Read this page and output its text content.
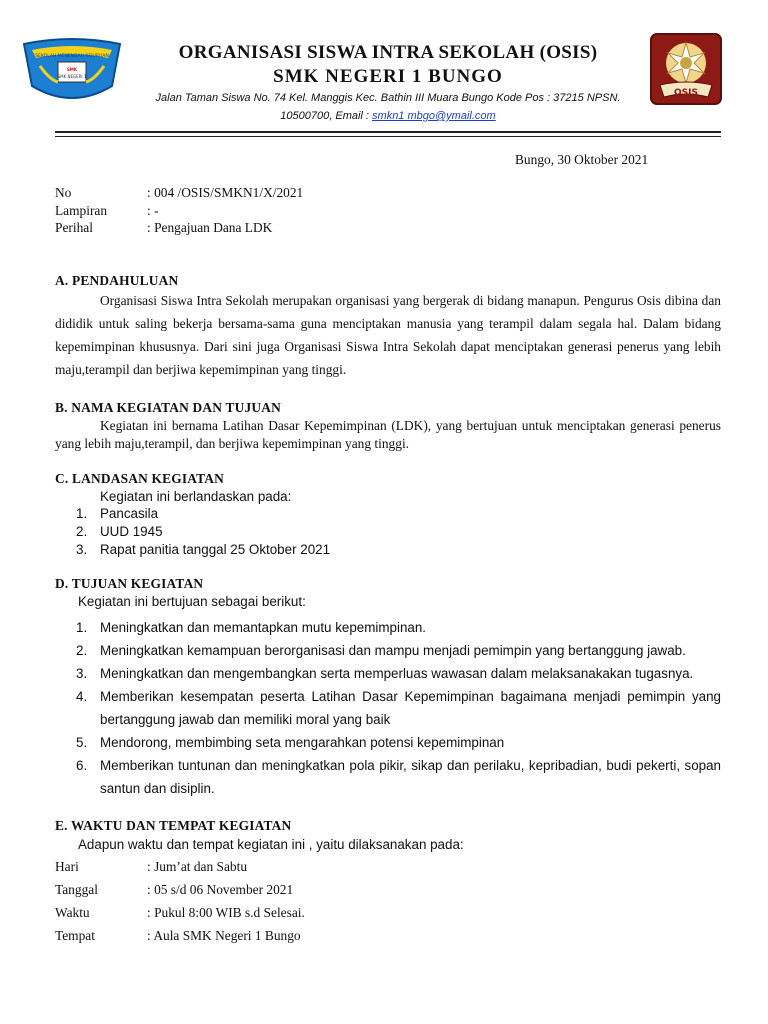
SEKOLAH MENENGAH KEJURUAN
SMK
SMK NEGERI 1
OSIS
ORGANISASI SISWA INTRA SEKOLAH (OSIS)
SMK NEGERI 1 BUNGO
Jalan Taman Siswa No. 74 Kel. Manggis Kec. Bathin III Muara Bungo Kode Pos : 37215 NPSN.
10500700, Email : smkn1 mbgo@ymail.com
Bungo, 30 Oktober 2021
No	: 004 /OSIS/SMKN1/X/2021
Lampiran	: -
Perihal	: Pengajuan Dana LDK
A. PENDAHULUAN
Organisasi Siswa Intra Sekolah merupakan organisasi yang bergerak di bidang manapun. Pengurus Osis dibina dan dididik untuk saling bekerja bersama-sama guna menciptakan manusia yang terampil dalam segala hal. Dalam bidang kepemimpinan khususnya. Dari sini juga Organisasi Siswa Intra Sekolah dapat menciptakan generasi penerus yang lebih maju,terampil dan berjiwa kepemimpinan yang tinggi.
B. NAMA KEGIATAN DAN TUJUAN
Kegiatan ini bernama Latihan Dasar Kepemimpinan (LDK), yang bertujuan untuk menciptakan generasi penerus yang lebih maju,terampil, dan berjiwa kepemimpinan yang tinggi.
C. LANDASAN KEGIATAN
Kegiatan ini berlandaskan pada:
1. Pancasila
2. UUD 1945
3. Rapat panitia tanggal 25 Oktober 2021
D. TUJUAN KEGIATAN
Kegiatan ini bertujuan sebagai berikut:
1. Meningkatkan dan memantapkan mutu kepemimpinan.
2. Meningkatkan kemampuan berorganisasi dan mampu menjadi pemimpin yang bertanggung jawab.
3. Meningkatkan dan mengembangkan serta memperluas wawasan dalam melaksanakakan tugasnya.
4. Memberikan kesempatan peserta Latihan Dasar Kepemimpinan bagaimana menjadi pemimpin yang bertanggung jawab dan memiliki moral yang baik
5. Mendorong, membimbing seta mengarahkan potensi kepemimpinan
6. Memberikan tuntunan dan meningkatkan pola pikir, sikap dan perilaku, kepribadian, budi pekerti, sopan santun dan disiplin.
E. WAKTU DAN TEMPAT KEGIATAN
Adapun waktu dan tempat kegiatan ini , yaitu dilaksanakan pada:
Hari	: Jum’at dan Sabtu
Tanggal	: 05 s/d 06 November 2021
Waktu	: Pukul 8:00 WIB s.d Selesai.
Tempat	: Aula SMK Negeri 1 Bungo
